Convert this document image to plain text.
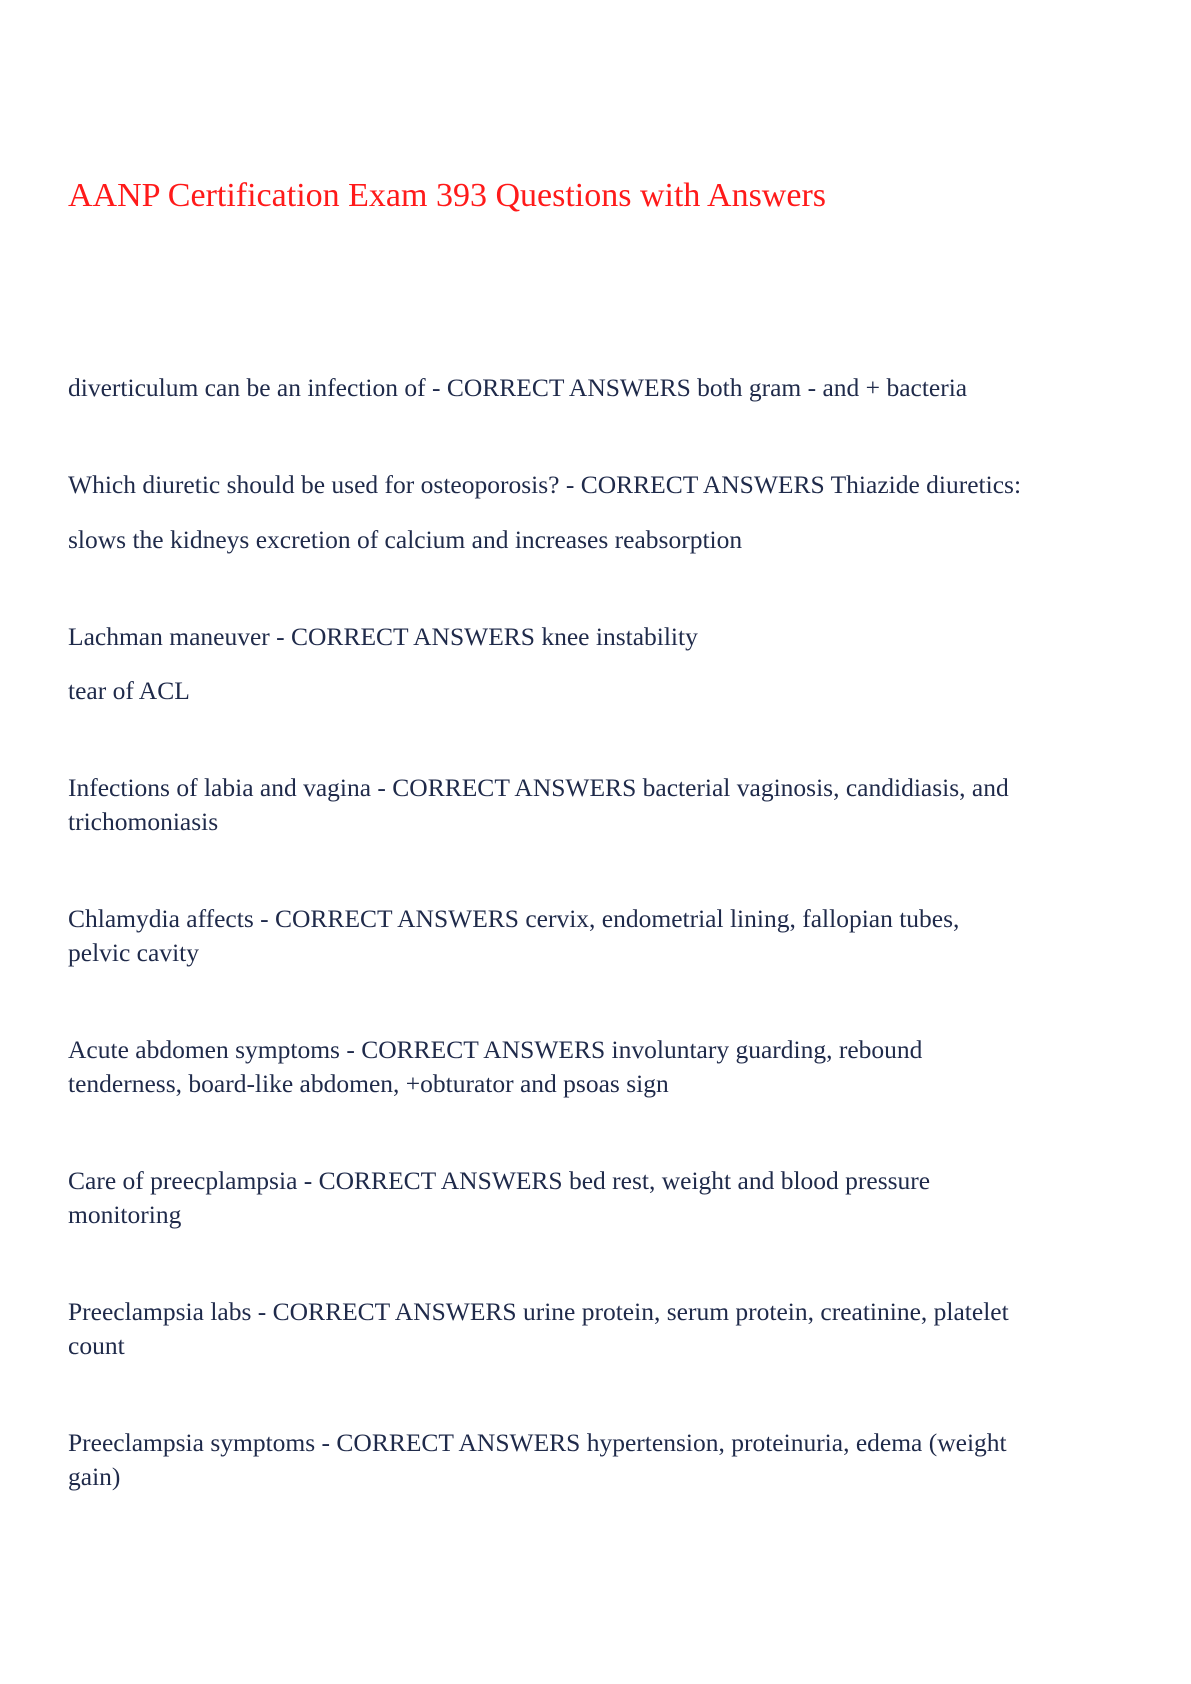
AANP Certification Exam 393 Questions with Answers

diverticulum can be an infection of - CORRECT ANSWERS both gram - and + bacteria

Which diuretic should be used for osteoporosis? - CORRECT ANSWERS Thiazide diuretics:

slows the kidneys excretion of calcium and increases reabsorption

Lachman maneuver - CORRECT ANSWERS knee instability

tear of ACL

Infections of labia and vagina - CORRECT ANSWERS bacterial vaginosis, candidiasis, and

trichomoniasis

Chlamydia affects - CORRECT ANSWERS cervix, endometrial lining, fallopian tubes,

pelvic cavity

Acute abdomen symptoms - CORRECT ANSWERS involuntary guarding, rebound

tenderness, board-like abdomen, +obturator and psoas sign

Care of preecplampsia - CORRECT ANSWERS bed rest, weight and blood pressure

monitoring

Preeclampsia labs - CORRECT ANSWERS urine protein, serum protein, creatinine, platelet

count

Preeclampsia symptoms - CORRECT ANSWERS hypertension, proteinuria, edema (weight

gain)
